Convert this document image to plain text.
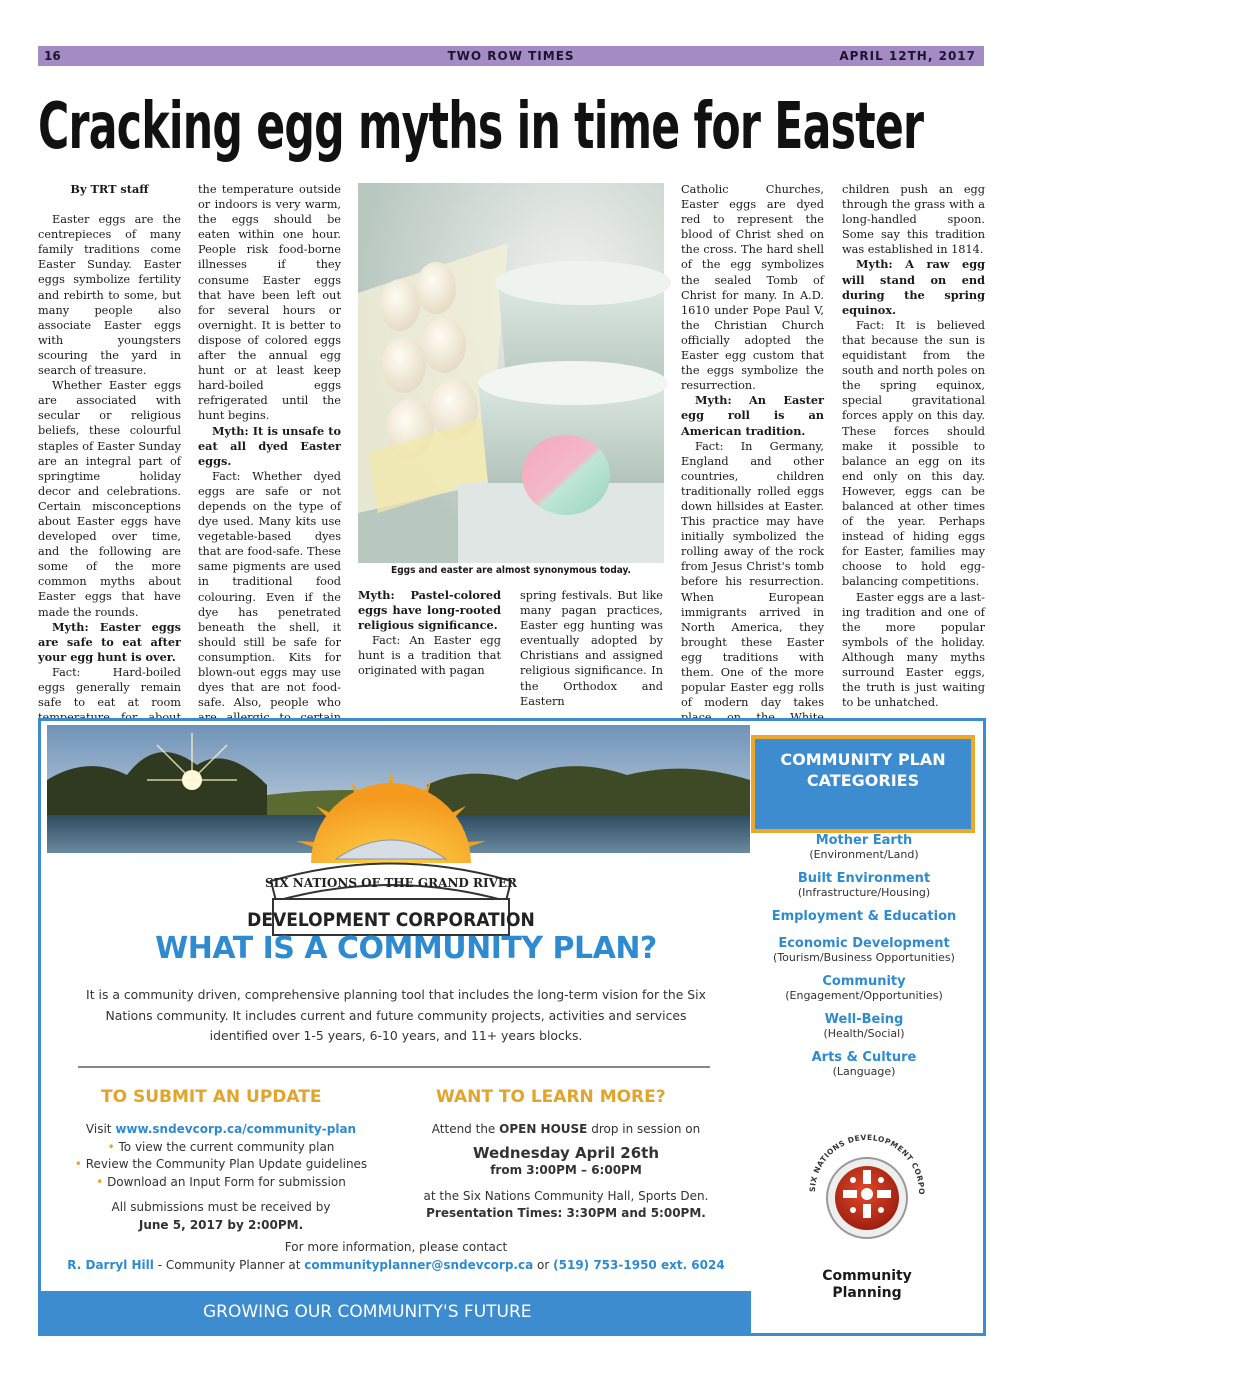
16	TWO ROW TIMES	APRIL 12TH, 2017
Cracking egg myths in time for Easter

By TRT staff

Easter eggs are the centrepieces of many family traditions come Easter Sunday. Easter eggs symbolize fertility and rebirth to some, but many people also associate Easter eggs with youngsters scouring the yard in search of treasure.

Whether Easter eggs are associated with secular or religious beliefs, these colourful staples of Easter Sunday are an integral part of springtime holiday decor and celebrations. Certain misconceptions about Easter eggs have developed over time, and the following are some of the more common myths about Easter eggs that have made the rounds.

Myth: Easter eggs are safe to eat after your egg hunt is over.

Fact: Hard-boiled eggs generally remain safe to eat at room

the temperature outside or indoors is very warm, the eggs should be eaten within one hour. People risk food-borne illnesses if they consume Easter eggs that have been left out for several hours or overnight. It is better to dispose of colored eggs after the annual egg hunt or at least keep hard-boiled eggs refrigerated until the hunt begins.

Myth: It is unsafe to eat all dyed Easter eggs.

Fact: Whether dyed eggs are safe or not depends on the type of dye used. Many kits use vegetable-based dyes that are food-safe. These same pigments are used in traditional food colouring. Even if the dye has penetrated beneath the shell, it should still be safe for consumption. Kits for blown-out eggs may use dyes that are not food-safe. Also, people who

Eggs and easter are almost synonymous today.

Myth: Pastel-colored eggs have long-rooted religious significance.

Fact: An Easter egg hunt is a tradition that originated with pagan

spring festivals. But like many pagan practices, Easter egg hunting was eventually adopted by Christians and assigned religious significance. In the Orthodox and Eastern

Catholic Churches, Easter eggs are dyed red to represent the blood of Christ shed on the cross. The hard shell of the egg symbolizes the sealed Tomb of Christ for many. In A.D. 1610 under Pope Paul V, the Christian Church officially adopted the Easter egg custom that the eggs symbolize the resurrection.

Myth: An Easter egg roll is an American tradition.

Fact: In Germany, England and other countries, children traditionally rolled eggs down hillsides at Easter. This practice may have initially symbolized the rolling away of the rock from Jesus Christ's tomb before his resurrection. When European immigrants arrived in North America, they brought these Easter egg traditions with them. One of the more popular Easter egg rolls of modern day takes

children push an egg through the grass with a long-handled spoon. Some say this tradition was established in 1814.

Myth: A raw egg will stand on end during the spring equinox.

Fact: It is believed that because the sun is equidistant from the south and north poles on the spring equinox, special gravitational forces apply on this day. These forces should make it possible to balance an egg on its end only on this day. However, eggs can be balanced at other times of the year. Perhaps instead of hiding eggs for Easter, families may choose to hold egg-balancing competitions.

Easter eggs are a last-ing tradition and one of the more popular symbols of the holiday. Although many myths surround Easter eggs, the truth is just waiting to be unhatched.

SIX NATIONS OF THE GRAND RIVER
DEVELOPMENT CORPORATION
WHAT IS A COMMUNITY PLAN?
It is a community driven, comprehensive planning tool that includes the long-term vision for the Six Nations community. It includes current and future community projects, activities and services identified over 1-5 years, 6-10 years, and 11+ years blocks.
TO SUBMIT AN UPDATE
Visit www.sndevcorp.ca/community-plan
• To view the current community plan
• Review the Community Plan Update guidelines
• Download an Input Form for submission
All submissions must be received by
June 5, 2017 by 2:00PM.
WANT TO LEARN MORE?
Attend the OPEN HOUSE drop in session on
Wednesday April 26th
from 3:00PM – 6:00PM
at the Six Nations Community Hall, Sports Den.
Presentation Times: 3:30PM and 5:00PM.
For more information, please contact
R. Darryl Hill - Community Planner at communityplanner@sndevcorp.ca or (519) 753-1950 ext. 6024
GROWING OUR COMMUNITY'S FUTURE
COMMUNITY PLAN
CATEGORIES
Mother Earth
(Environment/Land)
Built Environment
(Infrastructure/Housing)
Employment & Education
Economic Development
(Tourism/Business Opportunities)
Community
(Engagement/Opportunities)
Well-Being
(Health/Social)
Arts & Culture
(Language)
SIX NATIONS DEVELOPMENT CORPO
Community
Planning
